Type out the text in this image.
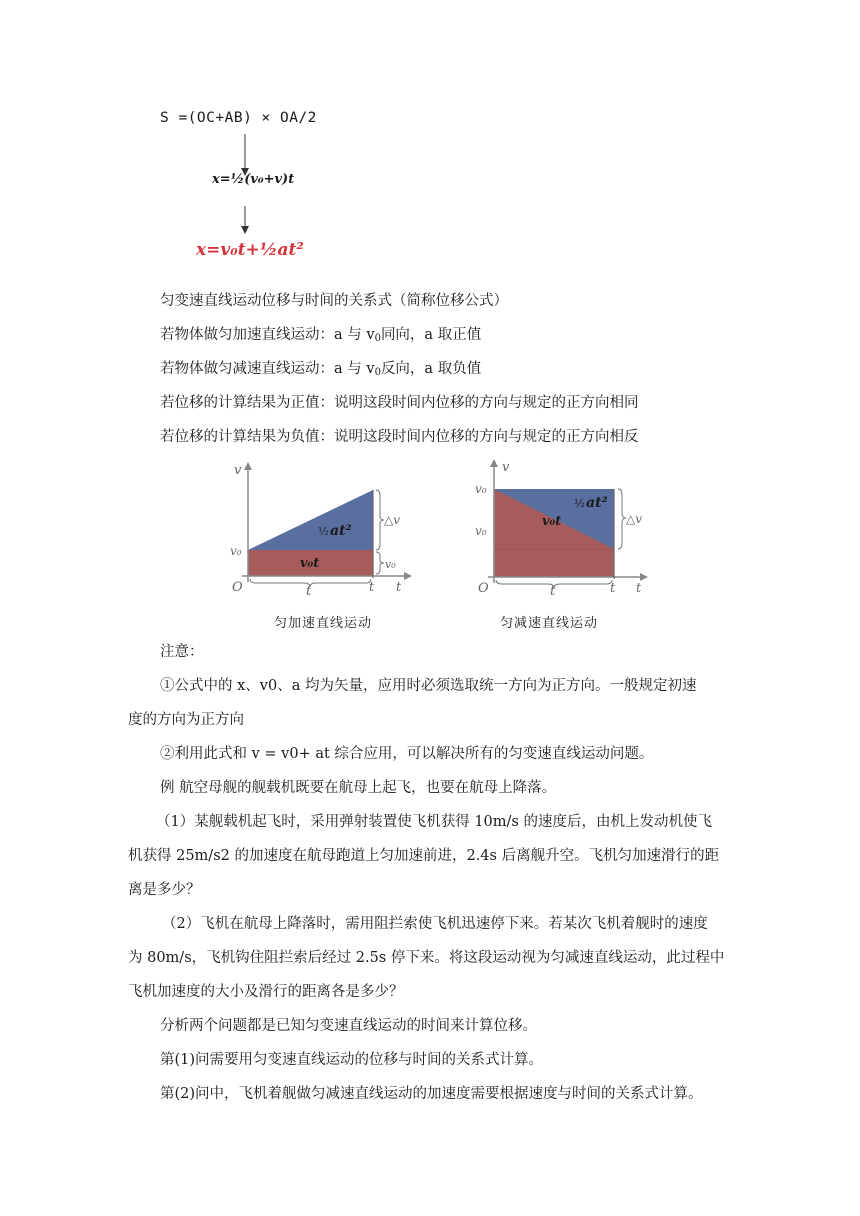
S =(OC+AB) × OA/2
x=½(v₀+v)t
x=v₀t+½at²
匀变速直线运动位移与时间的关系式（简称位移公式）
若物体做匀加速直线运动：a 与 $v_0$同向，a 取正值
若物体做匀减速直线运动：a 与 $v_0$反向，a 取负值
若位移的计算结果为正值：说明这段时间内位移的方向与规定的正方向相同
若位移的计算结果为负值：说明这段时间内位移的方向与规定的正方向相反
v
v₀
O	t
t
t
△v
v₀
½ at²
v₀t
匀加速直线运动
v
v₀
v₀
O	t
t
t
△v
½ at²
v₀t
匀减速直线运动
注意：
①公式中的 x、v0、a 均为矢量，应用时必须选取统一方向为正方向。一般规定初速
度的方向为正方向
②利用此式和 v = v0+ at 综合应用，可以解决所有的匀变速直线运动问题。
例 航空母舰的舰载机既要在航母上起飞，也要在航母上降落。
（1）某舰载机起飞时，采用弹射装置使飞机获得 10m/s 的速度后，由机上发动机使飞
机获得 25m/s2 的加速度在航母跑道上匀加速前进，2.4s 后离舰升空。飞机匀加速滑行的距
离是多少？
（2）飞机在航母上降落时，需用阻拦索使飞机迅速停下来。若某次飞机着舰时的速度
为 80m/s，飞机钩住阻拦索后经过 2.5s 停下来。将这段运动视为匀减速直线运动，此过程中
飞机加速度的大小及滑行的距离各是多少？
分析两个问题都是已知匀变速直线运动的时间来计算位移。
第(1)问需要用匀变速直线运动的位移与时间的关系式计算。
第(2)问中，飞机着舰做匀减速直线运动的加速度需要根据速度与时间的关系式计算。
